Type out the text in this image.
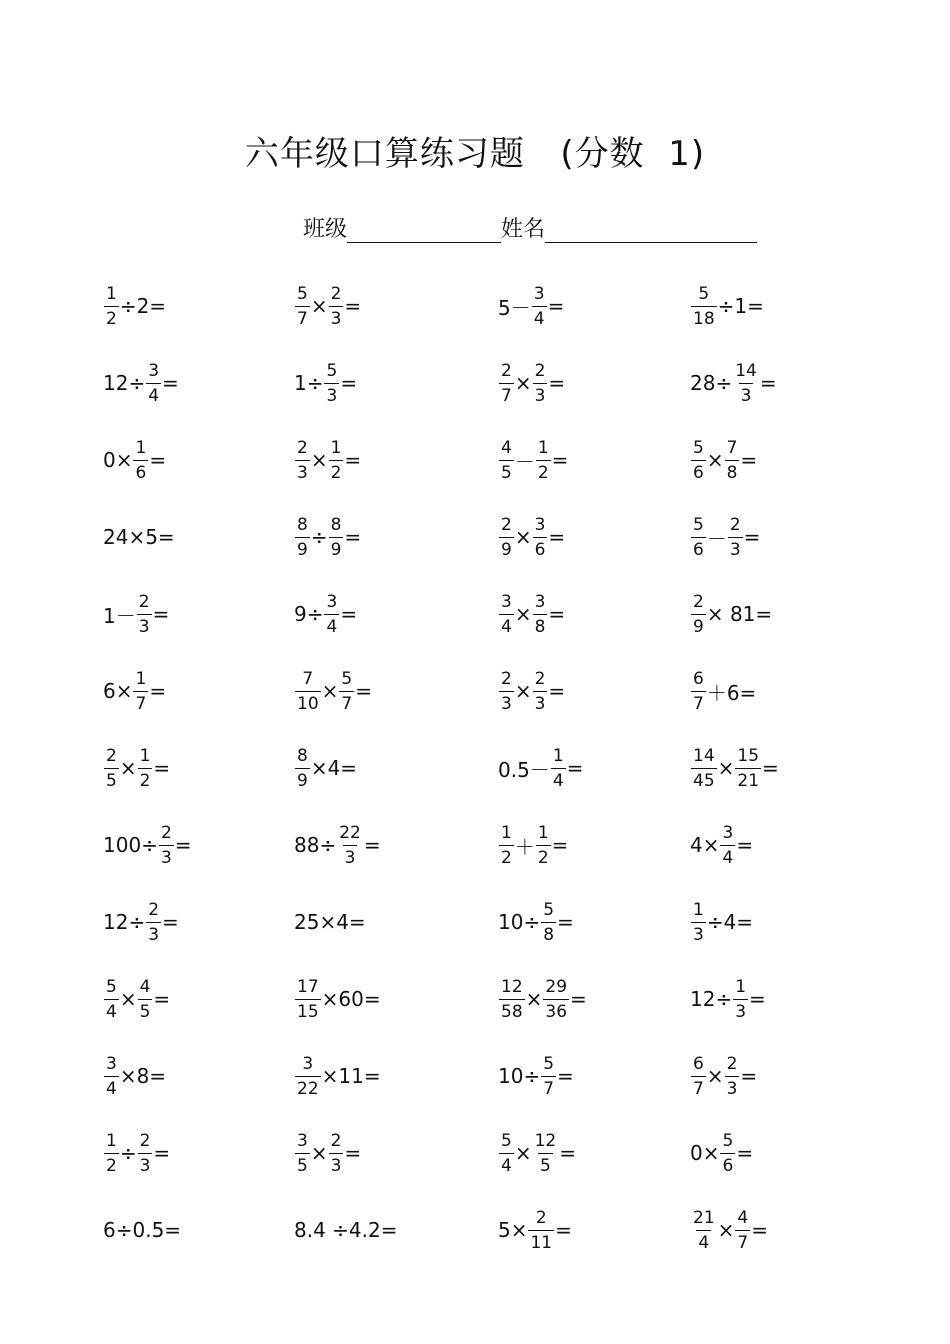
六年级口算练习题   (分数  1)
班级	姓名
$\frac{1}{2} \div 2=$	$\frac{5}{7} \times \frac{2}{3}$ =	$5- \frac{3}{4}$ =	$\frac{5}{18} \div 1=$
$12\div \frac{3}{4}$ =	$1\div \frac{5}{3}$ =	$\frac{2}{7} \times \frac{2}{3}$ =	$28\div \frac{14}{3}$ =
$0\times \frac{1}{6}$ =	$\frac{2}{3} \times \frac{1}{2}$ =	$\frac{4}{5} - \frac{1}{2}$ =	$\frac{5}{6} \times \frac{7}{8}$ =
24×5=	$\frac{8}{9} \div \frac{8}{9}$ =	$\frac{2}{9} \times \frac{3}{6}$ =	$\frac{5}{6} - \frac{2}{3}$ =
$1- \frac{2}{3}$ =	$9\div \frac{3}{4}$ =	$\frac{3}{4} \times \frac{3}{8}$ =	$\frac{2}{9} \times 81=$
$6\times \frac{1}{7}$ =	$\frac{7}{10} \times \frac{5}{7}$ =	$\frac{2}{3} \times \frac{2}{3}$ =	$\frac{6}{7} +6=$
$\frac{2}{5} \times \frac{1}{2}$ =	$\frac{8}{9} \times 4=$	$0.5- \frac{1}{4}$ =	$\frac{14}{45} \times \frac{15}{21}$ =
$100\div \frac{2}{3}$ =	$88\div \frac{22}{3}$ =	$\frac{1}{2} + \frac{1}{2}$ =	$4\times \frac{3}{4}$ =
$12\div \frac{2}{3}$ =	25×4=	$10\div \frac{5}{8}$ =	$\frac{1}{3} \div 4=$
$\frac{5}{4} \times \frac{4}{5}$ =	$\frac{17}{15} \times 60=$	$\frac{12}{58} \times \frac{29}{36}$ =	$12\div \frac{1}{3}$ =
$\frac{3}{4} \times 8=$	$\frac{3}{22} \times 11=$	$10\div \frac{5}{7}$ =	$\frac{6}{7} \times \frac{2}{3}$ =
$\frac{1}{2} \div \frac{2}{3}$ =	$\frac{3}{5} \times \frac{2}{3}$ =	$\frac{5}{4} \times \frac{12}{5}$ =	$0\times \frac{5}{6}$ =
6÷0.5=	8.4 ÷4.2=	$5\times \frac{2}{11}$ =	$\frac{21}{4} \times \frac{4}{7}$ =
